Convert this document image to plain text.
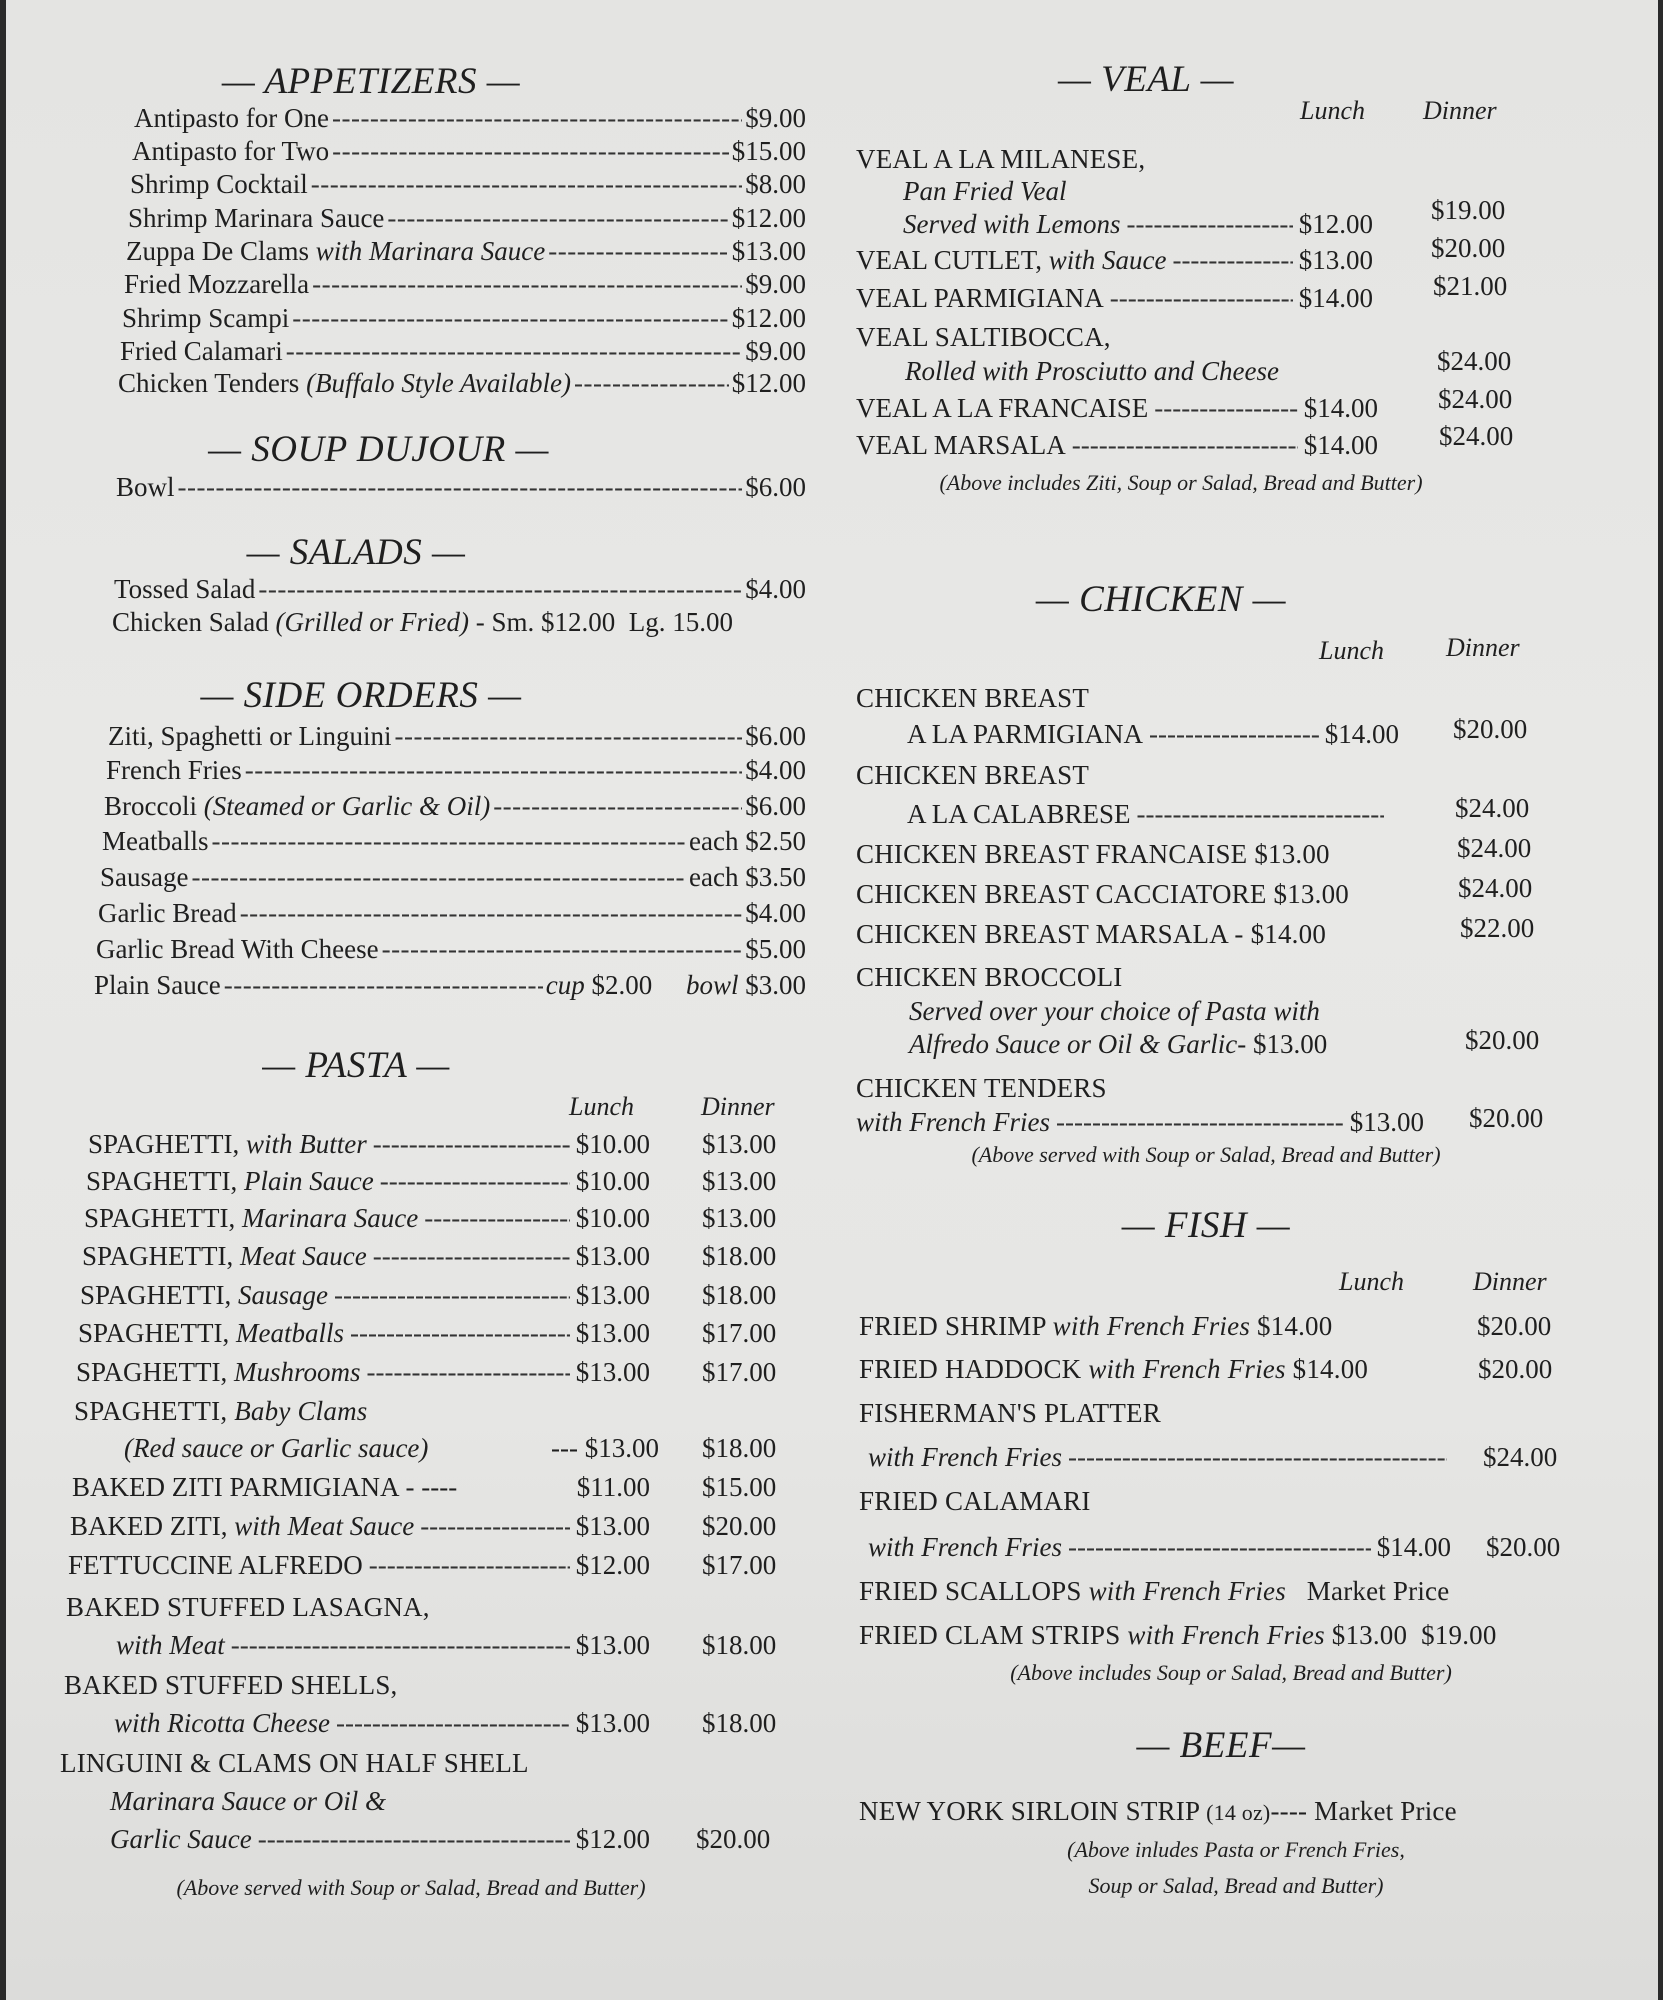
— APPETIZERS —
Antipasto for One -----	$9.00
Antipasto for Two -----	$15.00
Shrimp Cocktail -----	$8.00
Shrimp Marinara Sauce -----	$12.00
Zuppa De Clams with Marinara Sauce -----	$13.00
Fried Mozzarella -----	$9.00
Shrimp Scampi -----	$12.00
Fried Calamari -----	$9.00
Chicken Tenders (Buffalo Style Available) -----	$12.00
— SOUP DUJOUR —
Bowl -----	$6.00
— SALADS —
Tossed Salad -----	$4.00
Chicken Salad (Grilled or Fried)
- Sm. $12.00
Lg. 15.00
— SIDE ORDERS —
Ziti, Spaghetti or Linguini -----	$6.00
French Fries -----	$4.00
Broccoli (Steamed or Garlic & Oil) -----	$6.00
Meatballs -----	each $2.50
Sausage -----	each $3.50
Garlic Bread -----	$4.00
Garlic Bread With Cheese -----	$5.00
Plain Sauce -----	cup $2.00 bowl $3.00
— PASTA —
Lunch	Dinner
SPAGHETTI, with Butter -----	$10.00 $13.00
SPAGHETTI, Plain Sauce -----	$10.00 $13.00
SPAGHETTI, Marinara Sauce -----	$10.00 $13.00
SPAGHETTI, Meat Sauce -----	$13.00 $18.00
SPAGHETTI, Sausage -----	$13.00 $18.00
SPAGHETTI, Meatballs -----	$13.00 $17.00
SPAGHETTI, Mushrooms -----	$13.00 $17.00
SPAGHETTI, Baby Clams
(Red sauce or Garlic sauce)	--- $13.00 $18.00
BAKED ZITI PARMIGIANA - ----	$11.00 $15.00
BAKED ZITI, with Meat Sauce -----	$13.00 $20.00
FETTUCCINE ALFREDO -----	$12.00 $17.00
BAKED STUFFED LASAGNA,
with Meat -----	$13.00 $18.00
BAKED STUFFED SHELLS,
with Ricotta Cheese -----	$13.00 $18.00
LINGUINI & CLAMS ON HALF SHELL
Marinara Sauce or Oil &
Garlic Sauce -----	$12.00 $20.00
(Above served with Soup or Salad, Bread and Butter)
— VEAL —
Lunch Dinner
VEAL A LA MILANESE,
Pan Fried Veal
Served with Lemons -----	$12.00 $19.00
VEAL CUTLET, with Sauce -----	$13.00 $20.00
VEAL PARMIGIANA -----	$14.00 $21.00
VEAL SALTIBOCCA,
Rolled with Prosciutto and Cheese	$24.00
VEAL A LA FRANCAISE -----	$14.00 $24.00
VEAL MARSALA -----	$14.00 $24.00
(Above includes Ziti, Soup or Salad, Bread and Butter)
— CHICKEN —
Lunch Dinner
CHICKEN BREAST
A LA PARMIGIANA -----	$14.00 $20.00
CHICKEN BREAST
A LA CALABRESE -----	$24.00
CHICKEN BREAST FRANCAISE $13.00	$24.00
CHICKEN BREAST CACCIATORE $13.00	$24.00
CHICKEN BREAST MARSALA - $14.00	$22.00
CHICKEN BROCCOLI
Served over your choice of Pasta with
Alfredo Sauce or Oil & Garlic- $13.00	$20.00
CHICKEN TENDERS
with French Fries -----	$13.00 $20.00
(Above served with Soup or Salad, Bread and Butter)
— FISH —
Lunch	Dinner
FRIED SHRIMP with French Fries $14.00	$20.00
FRIED HADDOCK with French Fries $14.00	$20.00
FISHERMAN'S PLATTER
with French Fries -----	$24.00
FRIED CALAMARI
with French Fries -----	$14.00 $20.00
FRIED SCALLOPS with French Fries Market Price
FRIED CLAM STRIPS with French Fries $13.00 $19.00
(Above includes Soup or Salad, Bread and Butter)
— BEEF—
NEW YORK SIRLOIN STRIP (14 oz)---- Market Price
(Above inludes Pasta or French Fries,
Soup or Salad, Bread and Butter)
